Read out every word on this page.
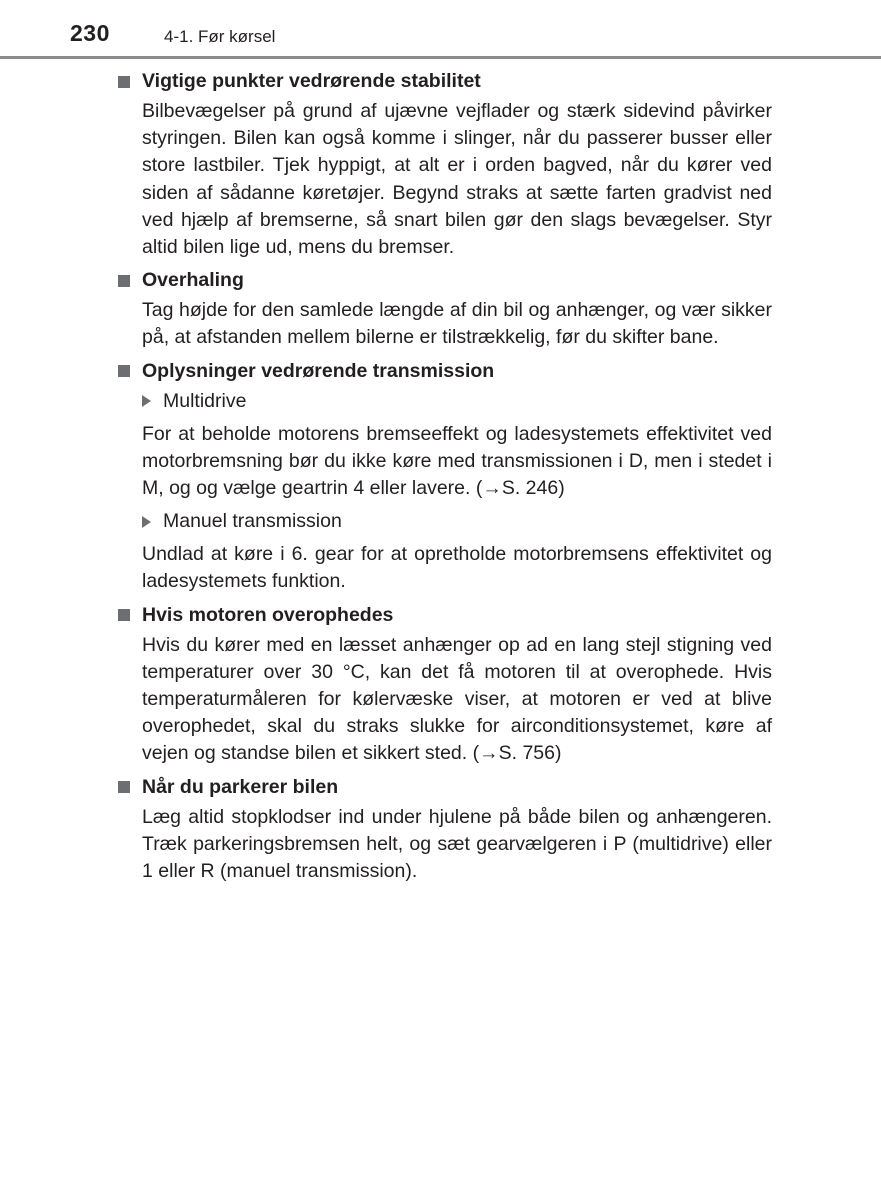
230	4-1. Før kørsel
Vigtige punkter vedrørende stabilitet

Bilbevægelser på grund af ujævne vejflader og stærk sidevind påvirker styringen. Bilen kan også komme i slinger, når du passerer busser eller store lastbiler. Tjek hyppigt, at alt er i orden bagved, når du kører ved siden af sådanne køretøjer. Begynd straks at sætte farten gradvist ned ved hjælp af bremserne, så snart bilen gør den slags bevægelser. Styr altid bilen lige ud, mens du bremser.

Overhaling

Tag højde for den samlede længde af din bil og anhænger, og vær sikker på, at afstanden mellem bilerne er tilstrækkelig, før du skifter bane.

Oplysninger vedrørende transmission
Multidrive

For at beholde motorens bremseeffekt og ladesystemets effektivitet ved motorbremsning bør du ikke køre med transmissionen i D, men i stedet i M, og og vælge geartrin 4 eller lavere. (→S. 246)

Manuel transmission

Undlad at køre i 6. gear for at opretholde motorbremsens effektivitet og ladesystemets funktion.

Hvis motoren overophedes

Hvis du kører med en læsset anhænger op ad en lang stejl stigning ved temperaturer over 30 °C, kan det få motoren til at overophede. Hvis temperaturmåleren for kølervæske viser, at motoren er ved at blive overophedet, skal du straks slukke for airconditionsystemet, køre af vejen og standse bilen et sikkert sted. (→S. 756)

Når du parkerer bilen

Læg altid stopklodser ind under hjulene på både bilen og anhængeren. Træk parkeringsbremsen helt, og sæt gearvælgeren i P (multidrive) eller 1 eller R (manuel transmission).
